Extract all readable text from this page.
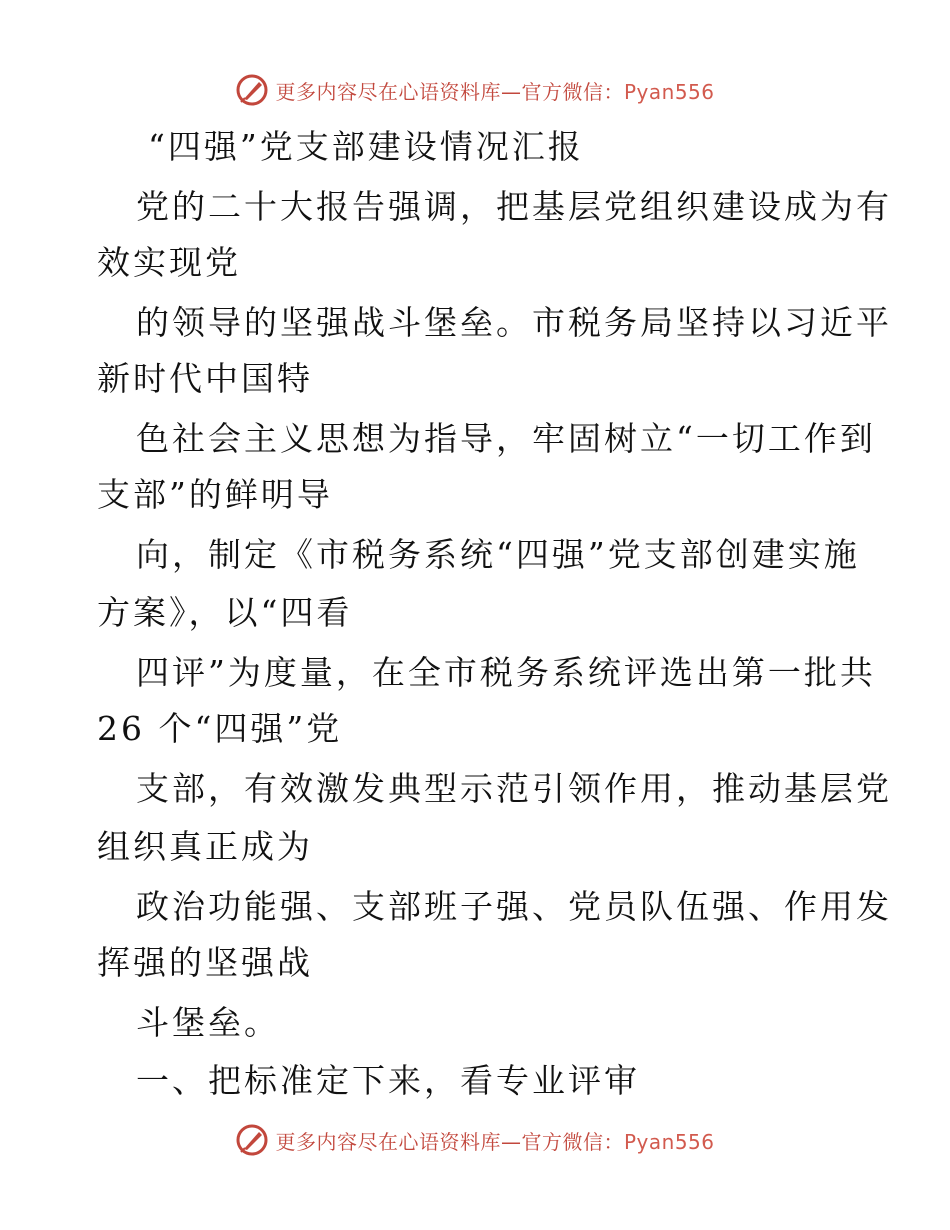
更多内容尽在心语资料库—官方微信：Pyan556
“四强”党支部建设情况汇报
党的二十大报告强调，把基层党组织建设成为有
效实现党
的领导的坚强战斗堡垒。市税务局坚持以习近平
新时代中国特
色社会主义思想为指导，牢固树立“一切工作到
支部”的鲜明导
向，制定《市税务系统“四强”党支部创建实施
方案》，以“四看
四评”为度量，在全市税务系统评选出第一批共
26 个“四强”党
支部，有效激发典型示范引领作用，推动基层党
组织真正成为
政治功能强、支部班子强、党员队伍强、作用发
挥强的坚强战
斗堡垒。
一、把标准定下来，看专业评审
更多内容尽在心语资料库—官方微信：Pyan556
